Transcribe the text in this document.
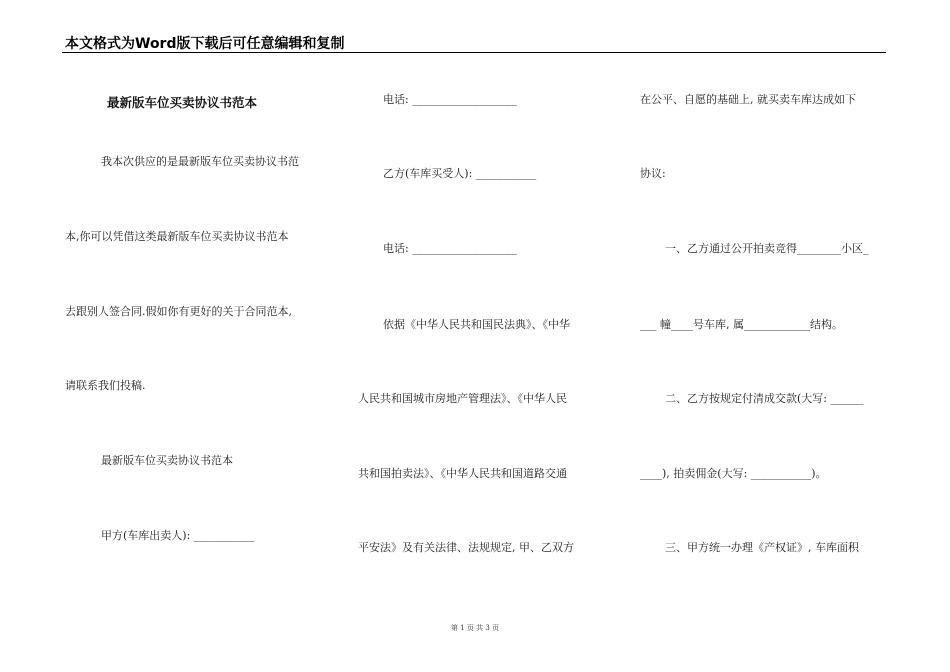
本文格式为Word版下载后可任意编辑和复制
最新版车位买卖协议书范本
我本次供应的是最新版车位买卖协议书范
本,你可以凭借这类最新版车位买卖协议书范本
去跟别人签合同.假如你有更好的关于合同范本,
请联系我们投稿.
最新版车位买卖协议书范本
甲方(车库出卖人): ___________
电话: ___________________
乙方(车库买受人): ___________
电话: ___________________
依据《中华人民共和国民法典》、《中华
人民共和国城市房地产管理法》、《中华人民
共和国拍卖法》、《中华人民共和国道路交通
平安法》及有关法律、法规规定, 甲、乙双方
在公平、自愿的基础上, 就买卖车库达成如下
协议:
一、乙方通过公开拍卖竞得________小区_
___ 幢____号车库, 属____________结构。
二、乙方按规定付清成交款(大写: ______
____), 拍卖佣金(大写: ___________)。
三、甲方统一办理《产权证》, 车库面积
第 1 页 共 3 页
